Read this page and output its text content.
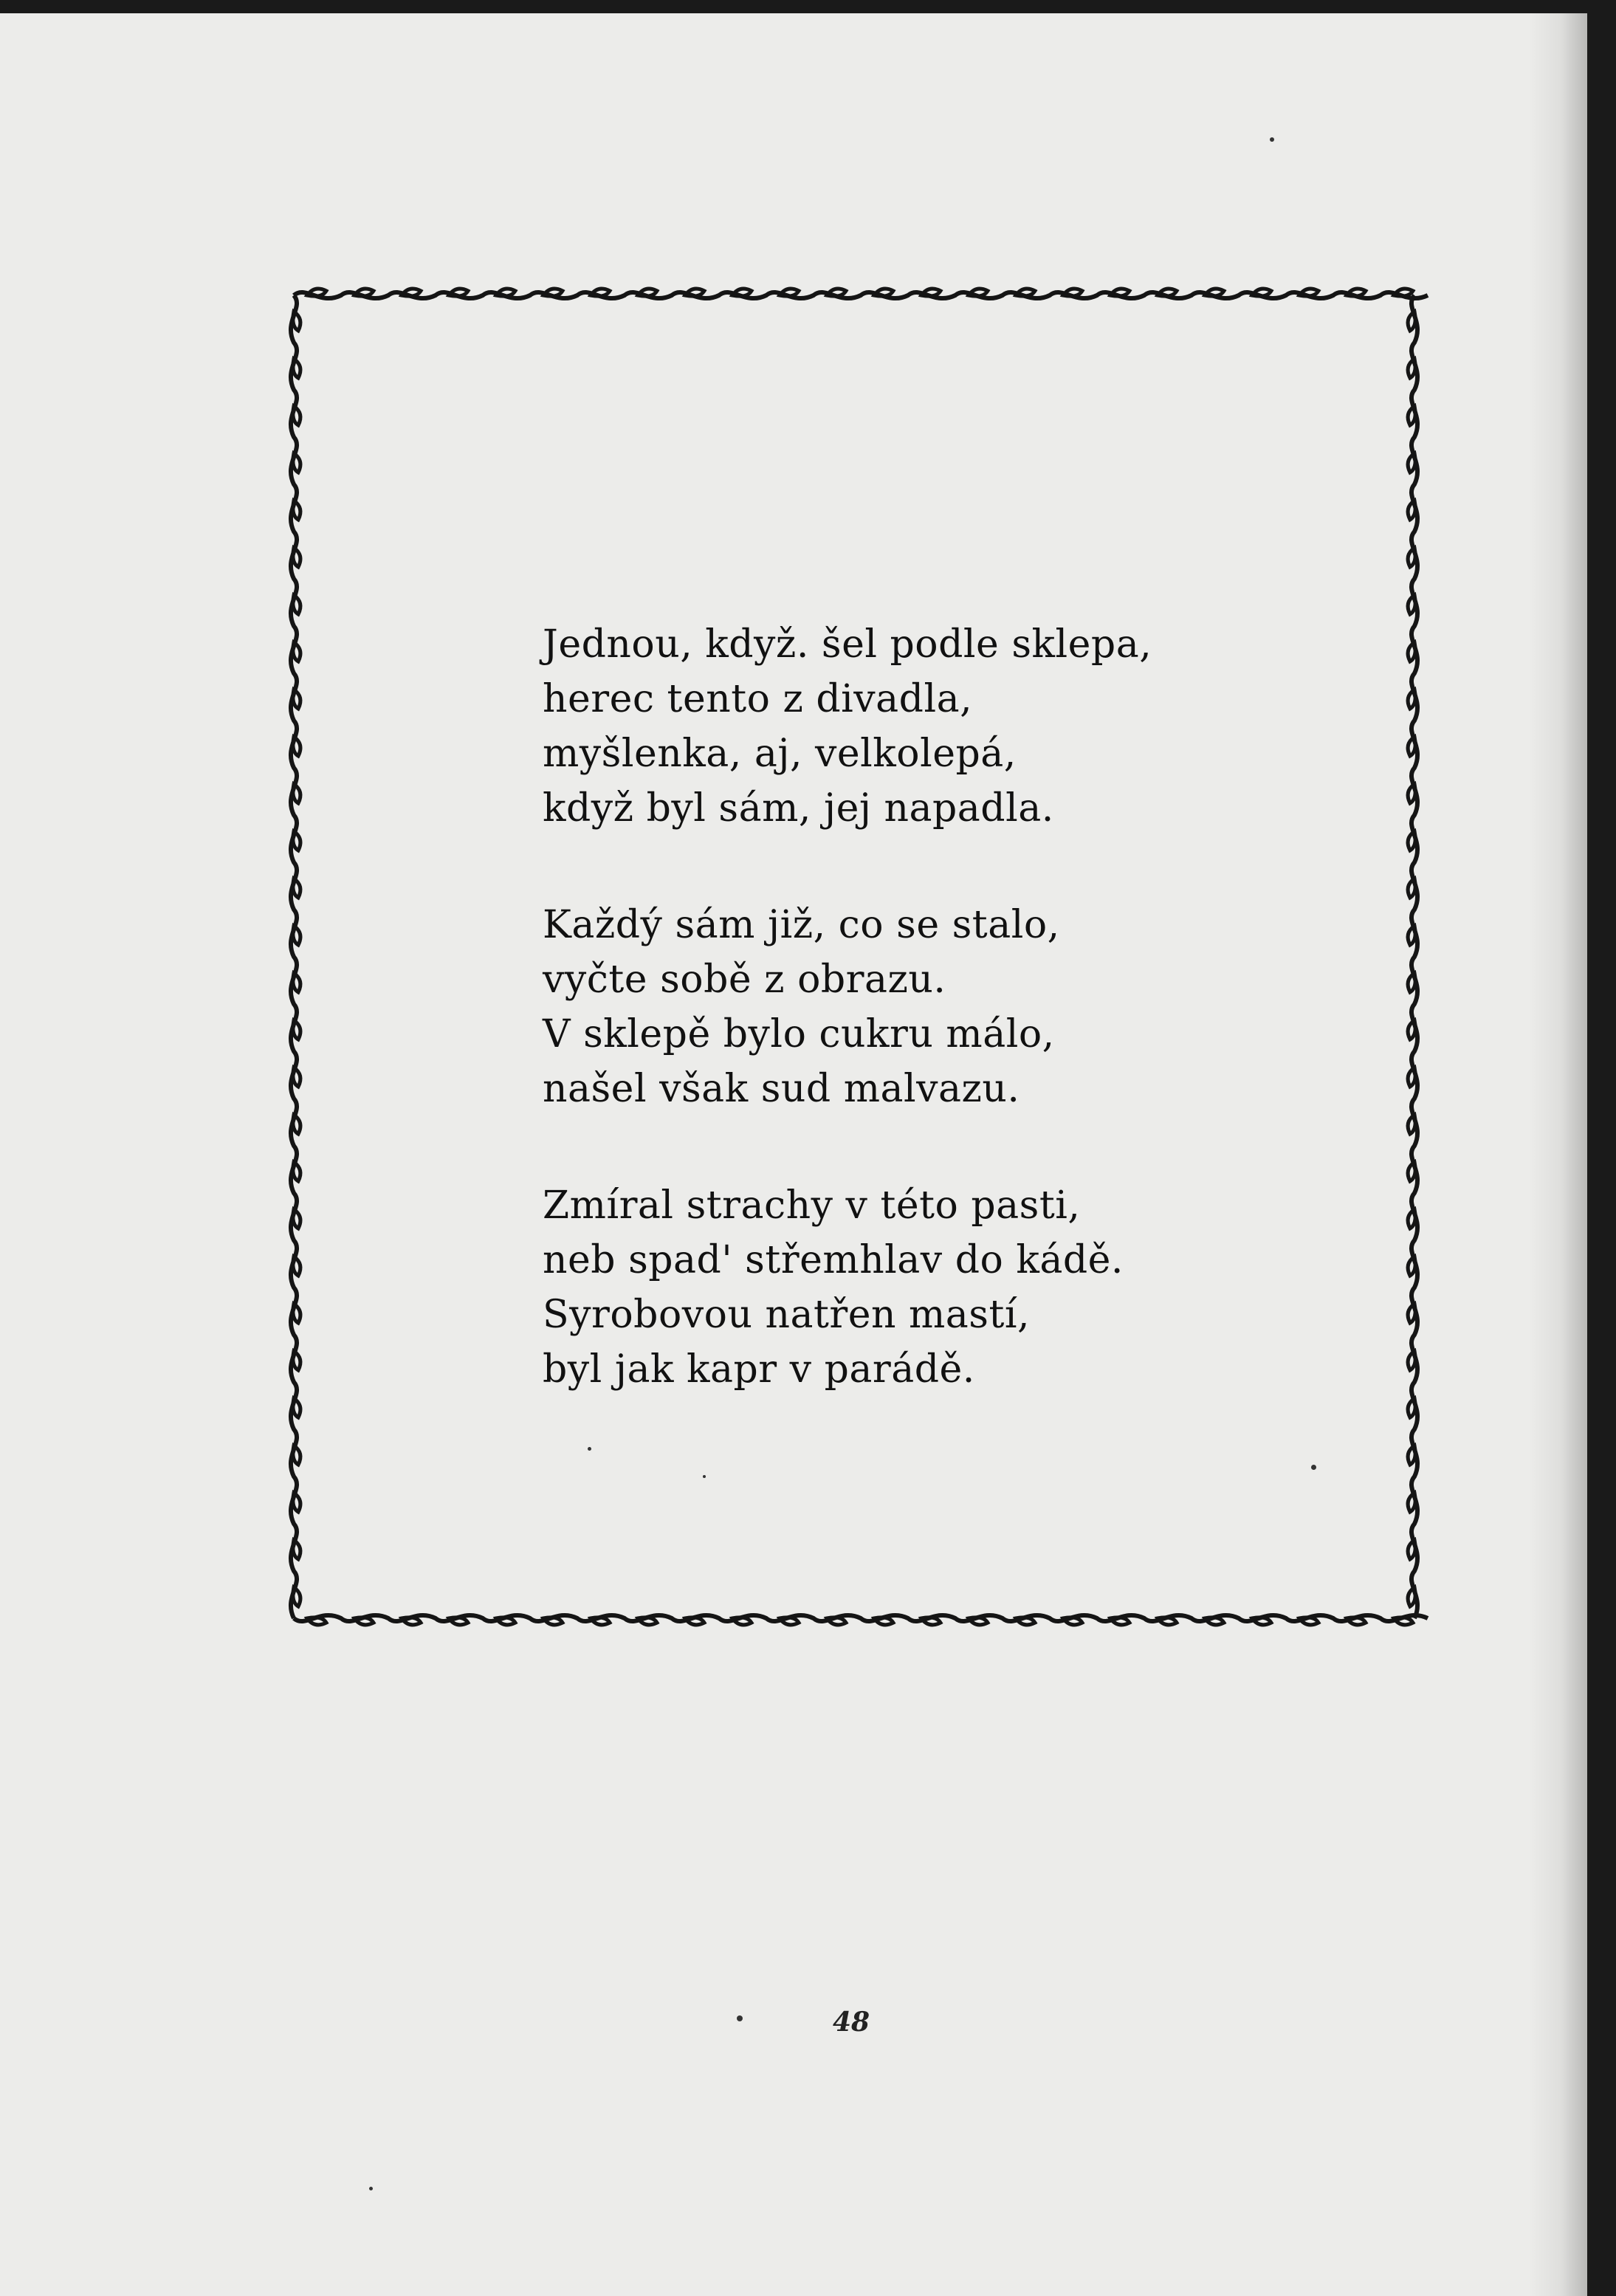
Jednou, když. šel podle sklepa,
herec tento z divadla,
myšlenka, aj, velkolepá,
když byl sám, jej napadla.
Každý sám již, co se stalo,
vyčte sobě z obrazu.
V sklepě bylo cukru málo,
našel však sud malvazu.
Zmíral strachy v této pasti,
neb spad' střemhlav do kádě.
Syrobovou natřen mastí,
byl jak kapr v parádě.
48
